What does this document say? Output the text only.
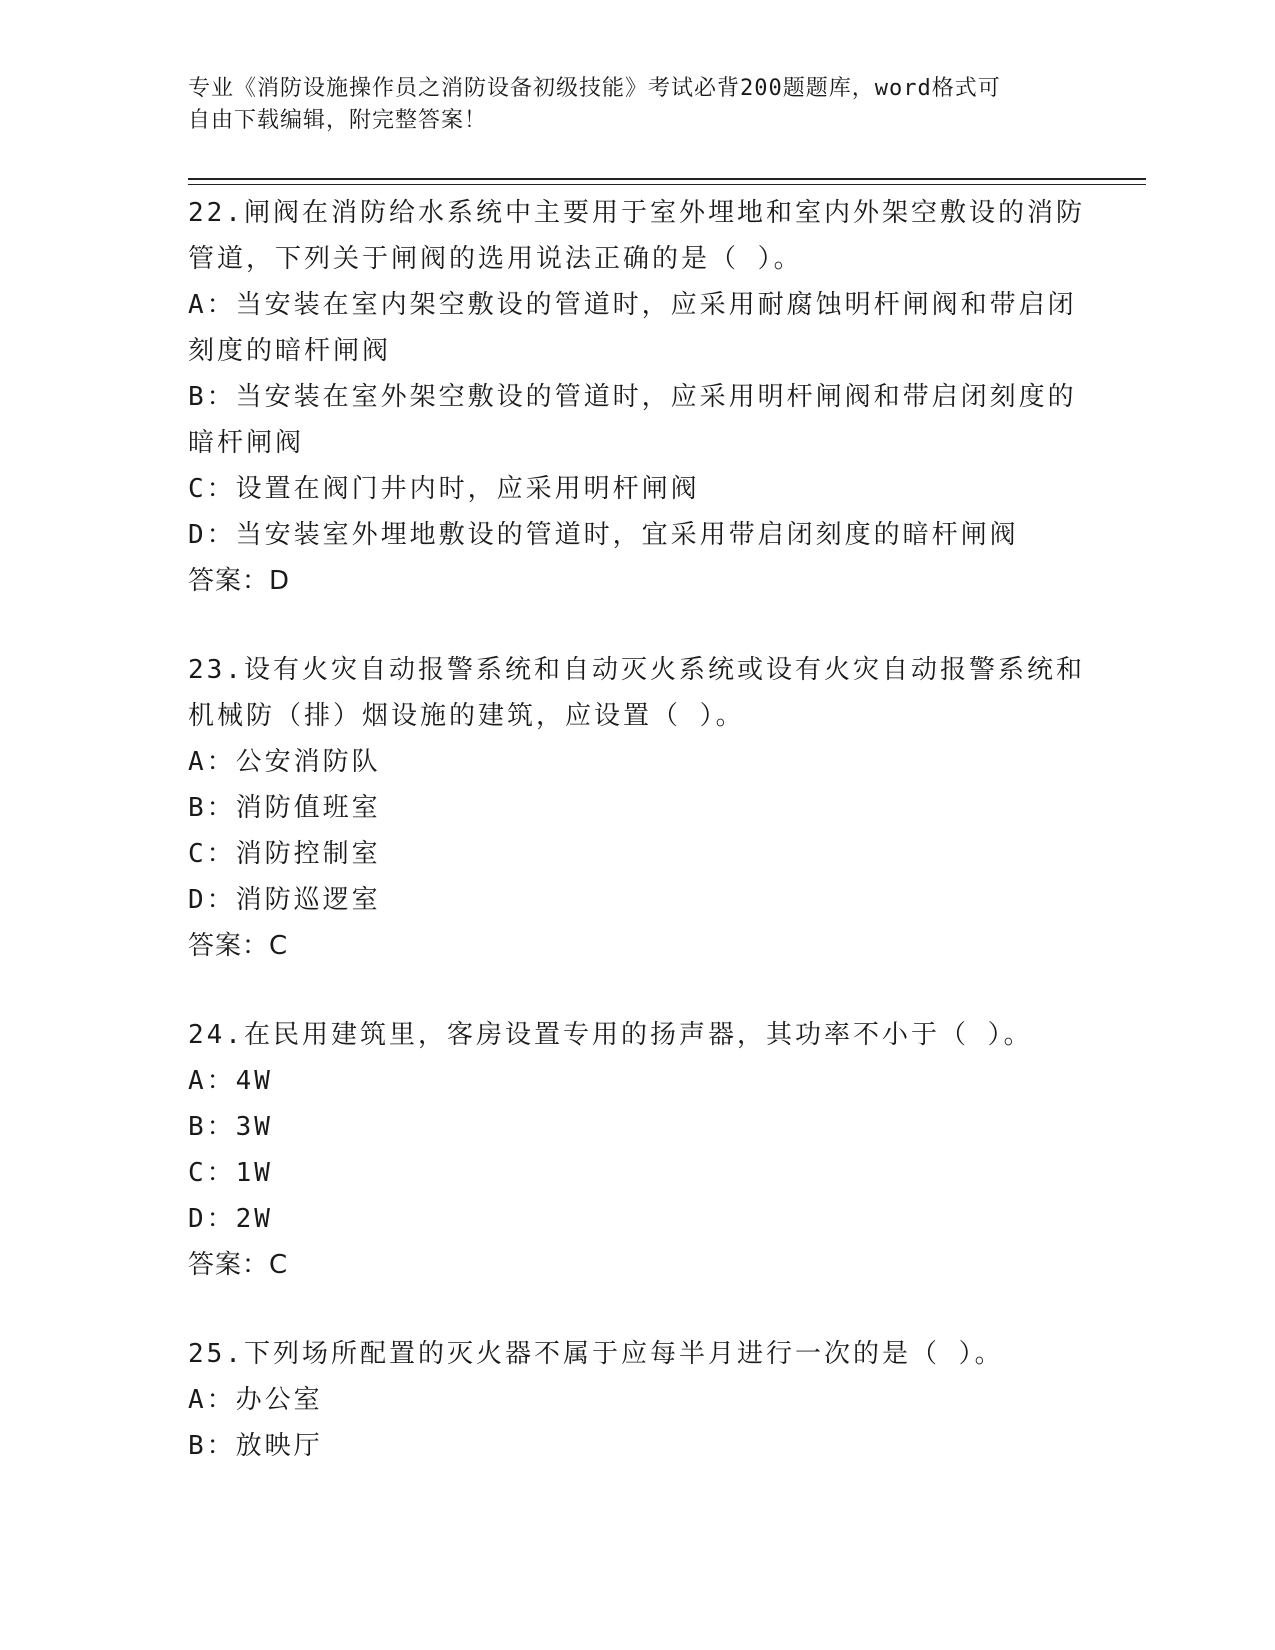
专业《消防设施操作员之消防设备初级技能》考试必背200题题库，word格式可
自由下载编辑，附完整答案！
22.闸阀在消防给水系统中主要用于室外埋地和室内外架空敷设的消防
管道，下列关于闸阀的选用说法正确的是（ ）。
A：当安装在室内架空敷设的管道时，应采用耐腐蚀明杆闸阀和带启闭
刻度的暗杆闸阀
B：当安装在室外架空敷设的管道时，应采用明杆闸阀和带启闭刻度的
暗杆闸阀
C：设置在阀门井内时，应采用明杆闸阀
D：当安装室外埋地敷设的管道时，宜采用带启闭刻度的暗杆闸阀
答案：D
23.设有火灾自动报警系统和自动灭火系统或设有火灾自动报警系统和
机械防（排）烟设施的建筑，应设置（ ）。
A：公安消防队
B：消防值班室
C：消防控制室
D：消防巡逻室
答案：C
24.在民用建筑里，客房设置专用的扬声器，其功率不小于（ ）。
A：4W
B：3W
C：1W
D：2W
答案：C
25.下列场所配置的灭火器不属于应每半月进行一次的是（ ）。
A：办公室
B：放映厅
